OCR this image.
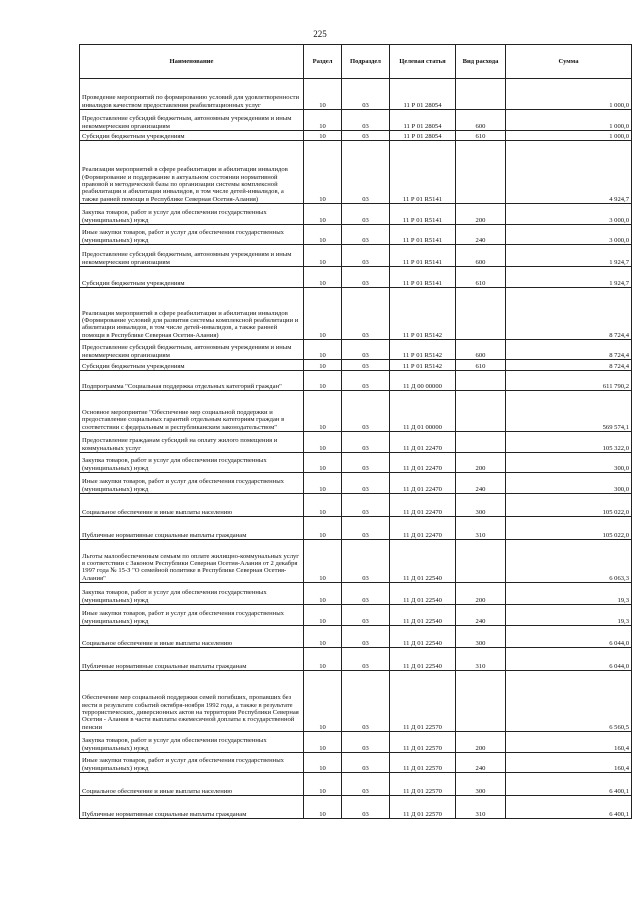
225
Наименование	Раздел	Подраздел	Целевая статья	Вид расхода	Сумма
Проведение мероприятий по формированию условий для удовлетворенности инвалидов качеством предоставления реабилитационных услуг	10	03	11 Р 01 28054		1 000,0
Предоставление субсидий бюджетным, автономным учреждениям и иным некоммерческим организациям	10	03	11 Р 01 28054	600	1 000,0
Субсидии бюджетным учреждениям	10	03	11 Р 01 28054	610	1 000,0
Реализация мероприятий в сфере реабилитации и абилитации инвалидов (Формирование и поддержание в актуальном состоянии нормативной правовой и методической базы по организации системы комплексной реабилитации и абилитации инвалидов, в том числе детей-инвалидов, а также ранней помощи в Республике Северная Осетия-Алания)	10	03	11 Р 01 R5141		4 924,7
Закупка товаров, работ и услуг для обеспечения государственных (муниципальных) нужд	10	03	11 Р 01 R5141	200	3 000,0
Иные закупки товаров, работ и услуг для обеспечения государственных (муниципальных) нужд	10	03	11 Р 01 R5141	240	3 000,0
Предоставление субсидий бюджетным, автономным учреждениям и иным некоммерческим организациям	10	03	11 Р 01 R5141	600	1 924,7
Субсидии бюджетным учреждениям	10	03	11 Р 01 R5141	610	1 924,7
Реализация мероприятий в сфере реабилитации и абилитации инвалидов (Формирование условий для развития системы комплексной реабилитации и абилитации инвалидов, в том числе детей-инвалидов, а также ранней помощи в Республике Северная Осетия-Алания)	10	03	11 Р 01 R5142		8 724,4
Предоставление субсидий бюджетным, автономным учреждениям и иным некоммерческим организациям	10	03	11 Р 01 R5142	600	8 724,4
Субсидии бюджетным учреждениям	10	03	11 Р 01 R5142	610	8 724,4
Подпрограмма "Социальная поддержка отдельных категорий граждан"	10	03	11 Д 00 00000		611 790,2
Основное мероприятие "Обеспечение мер социальной поддержки и предоставление социальных гарантий отдельным категориям граждан в соответствии с федеральным и республиканским законодательством"	10	03	11 Д 01 00000		569 574,1
Предоставление гражданам субсидий на оплату жилого помещения и коммунальных услуг	10	03	11 Д 01 22470		105 322,0
Закупка товаров, работ и услуг для обеспечения государственных (муниципальных) нужд	10	03	11 Д 01 22470	200	300,0
Иные закупки товаров, работ и услуг для обеспечения государственных (муниципальных) нужд	10	03	11 Д 01 22470	240	300,0
Социальное обеспечение и иные выплаты населению	10	03	11 Д 01 22470	300	105 022,0
Публичные нормативные социальные выплаты гражданам	10	03	11 Д 01 22470	310	105 022,0
Льготы малообеспеченным семьям по оплате жилищно-коммунальных услуг в соответствии с Законом Республики Северная Осетия-Алания от 2 декабря 1997 года № 15-З "О семейной политике в Республике Северная Осетия-Алания"	10	03	11 Д 01 22540		6 063,3
Закупка товаров, работ и услуг для обеспечения государственных (муниципальных) нужд	10	03	11 Д 01 22540	200	19,3
Иные закупки товаров, работ и услуг для обеспечения государственных (муниципальных) нужд	10	03	11 Д 01 22540	240	19,3
Социальное обеспечение и иные выплаты населению	10	03	11 Д 01 22540	300	6 044,0
Публичные нормативные социальные выплаты гражданам	10	03	11 Д 01 22540	310	6 044,0
Обеспечение мер социальной поддержки семей погибших, пропавших без вести в результате событий октября-ноября 1992 года, а также в результате террористических, диверсионных актов на территории Республики Северная Осетия - Алания в части выплаты ежемесячной доплаты к государственной пенсии	10	03	11 Д 01 22570		6 560,5
Закупка товаров, работ и услуг для обеспечения государственных (муниципальных) нужд	10	03	11 Д 01 22570	200	160,4
Иные закупки товаров, работ и услуг для обеспечения государственных (муниципальных) нужд	10	03	11 Д 01 22570	240	160,4
Социальное обеспечение и иные выплаты населению	10	03	11 Д 01 22570	300	6 400,1
Публичные нормативные социальные выплаты гражданам	10	03	11 Д 01 22570	310	6 400,1
